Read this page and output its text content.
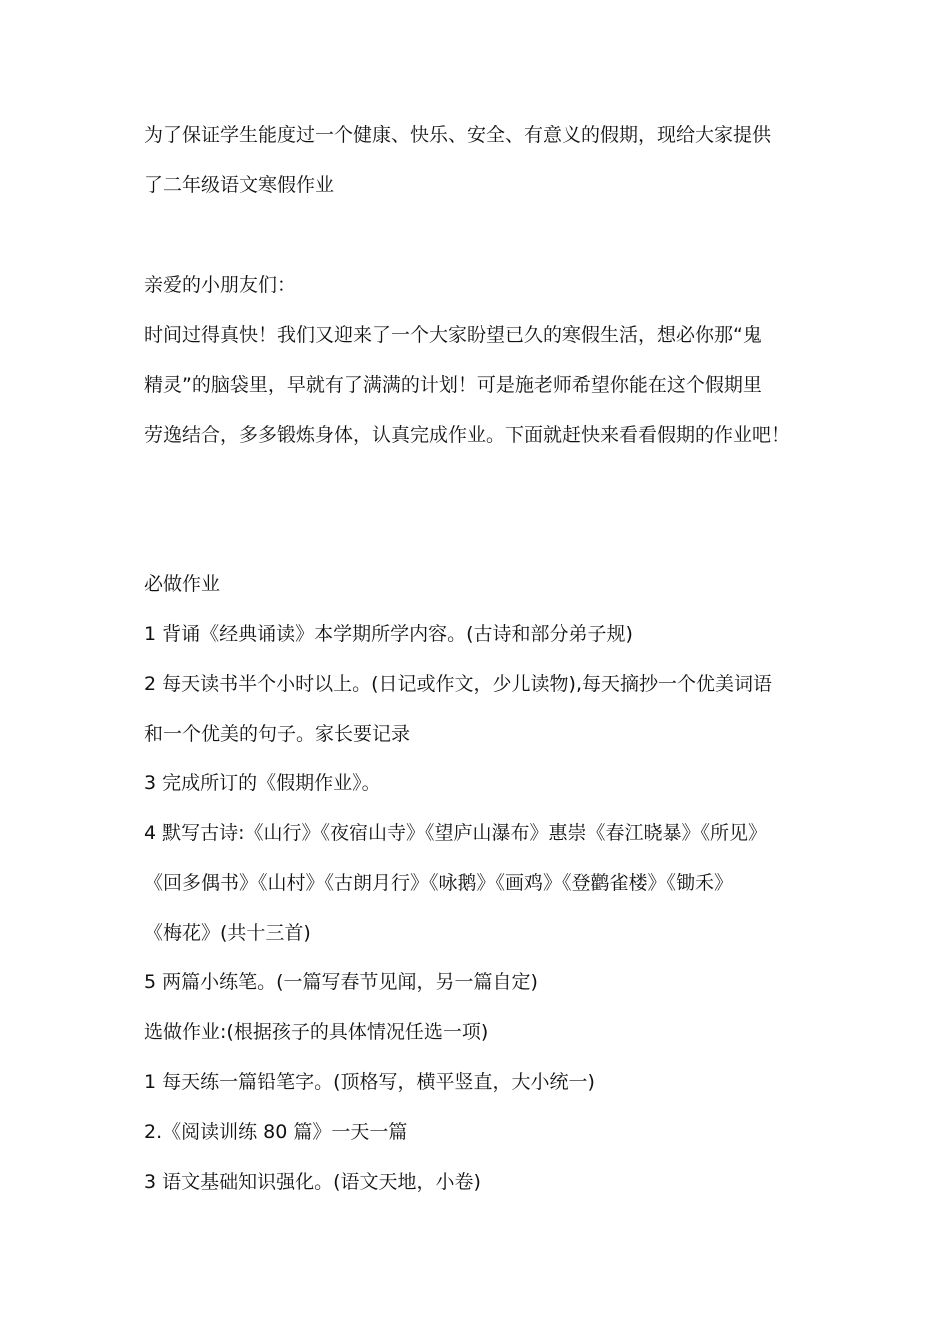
为了保证学生能度过一个健康、快乐、安全、有意义的假期，现给大家提供
了二年级语文寒假作业
亲爱的小朋友们：
时间过得真快！我们又迎来了一个大家盼望已久的寒假生活，想必你那“鬼
精灵”的脑袋里，早就有了满满的计划！可是施老师希望你能在这个假期里
劳逸结合，多多锻炼身体，认真完成作业。下面就赶快来看看假期的作业吧！
必做作业
1 背诵《经典诵读》本学期所学内容。(古诗和部分弟子规)
2 每天读书半个小时以上。(日记或作文，少儿读物),每天摘抄一个优美词语
和一个优美的句子。家长要记录
3 完成所订的《假期作业》。
4 默写古诗:《山行》《夜宿山寺》《望庐山瀑布》惠崇《春江晓暴》《所见》
《回多偶书》《山村》《古朗月行》《咏鹅》《画鸡》《登鹳雀楼》《锄禾》
《梅花》(共十三首)
5 两篇小练笔。(一篇写春节见闻，另一篇自定)
选做作业:(根据孩子的具体情况任选一项)
1 每天练一篇铅笔字。(顶格写，横平竖直，大小统一)
2.《阅读训练 80 篇》一天一篇
3 语文基础知识强化。(语文天地，小卷)
